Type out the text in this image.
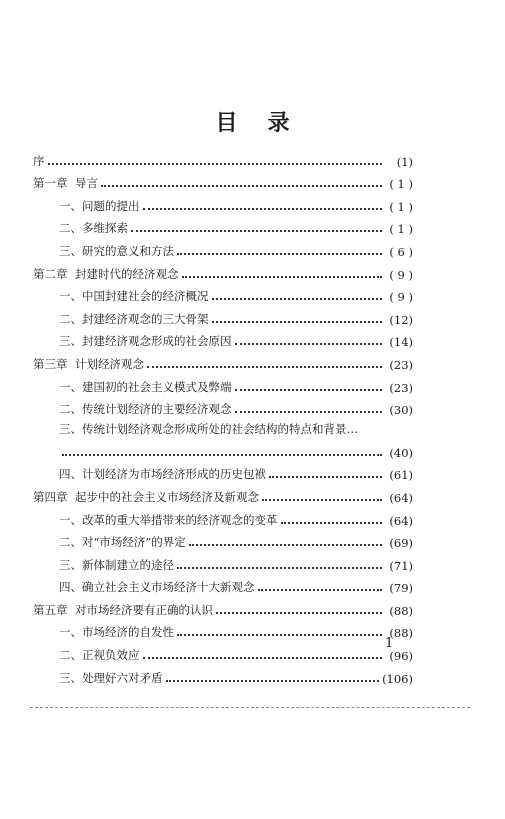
目 录
序	(1)
第一章 导言	( 1 )
一、问题的提出	( 1 )
二、多维探索	( 1 )
三、研究的意义和方法	( 6 )
第二章 封建时代的经济观念	( 9 )
一、中国封建社会的经济概况	( 9 )
二、封建经济观念的三大骨架	(12)
三、封建经济观念形成的社会原因	(14)
第三章 计划经济观念	(23)
一、建国初的社会主义模式及弊端	(23)
二、传统计划经济的主要经济观念	(30)
三、传统计划经济观念形成所处的社会结构的特点和背景…
(40)
四、计划经济为市场经济形成的历史包袱	(61)
第四章 起步中的社会主义市场经济及新观念	(64)
一、改革的重大举措带来的经济观念的变革	(64)
二、对“市场经济”的界定	(69)
三、新体制建立的途径	(71)
四、确立社会主义市场经济十大新观念	(79)
第五章 对市场经济要有正确的认识	(88)
一、市场经济的自发性	(88)
二、正视负效应	(96)
三、处理好六对矛盾	(106)
1
